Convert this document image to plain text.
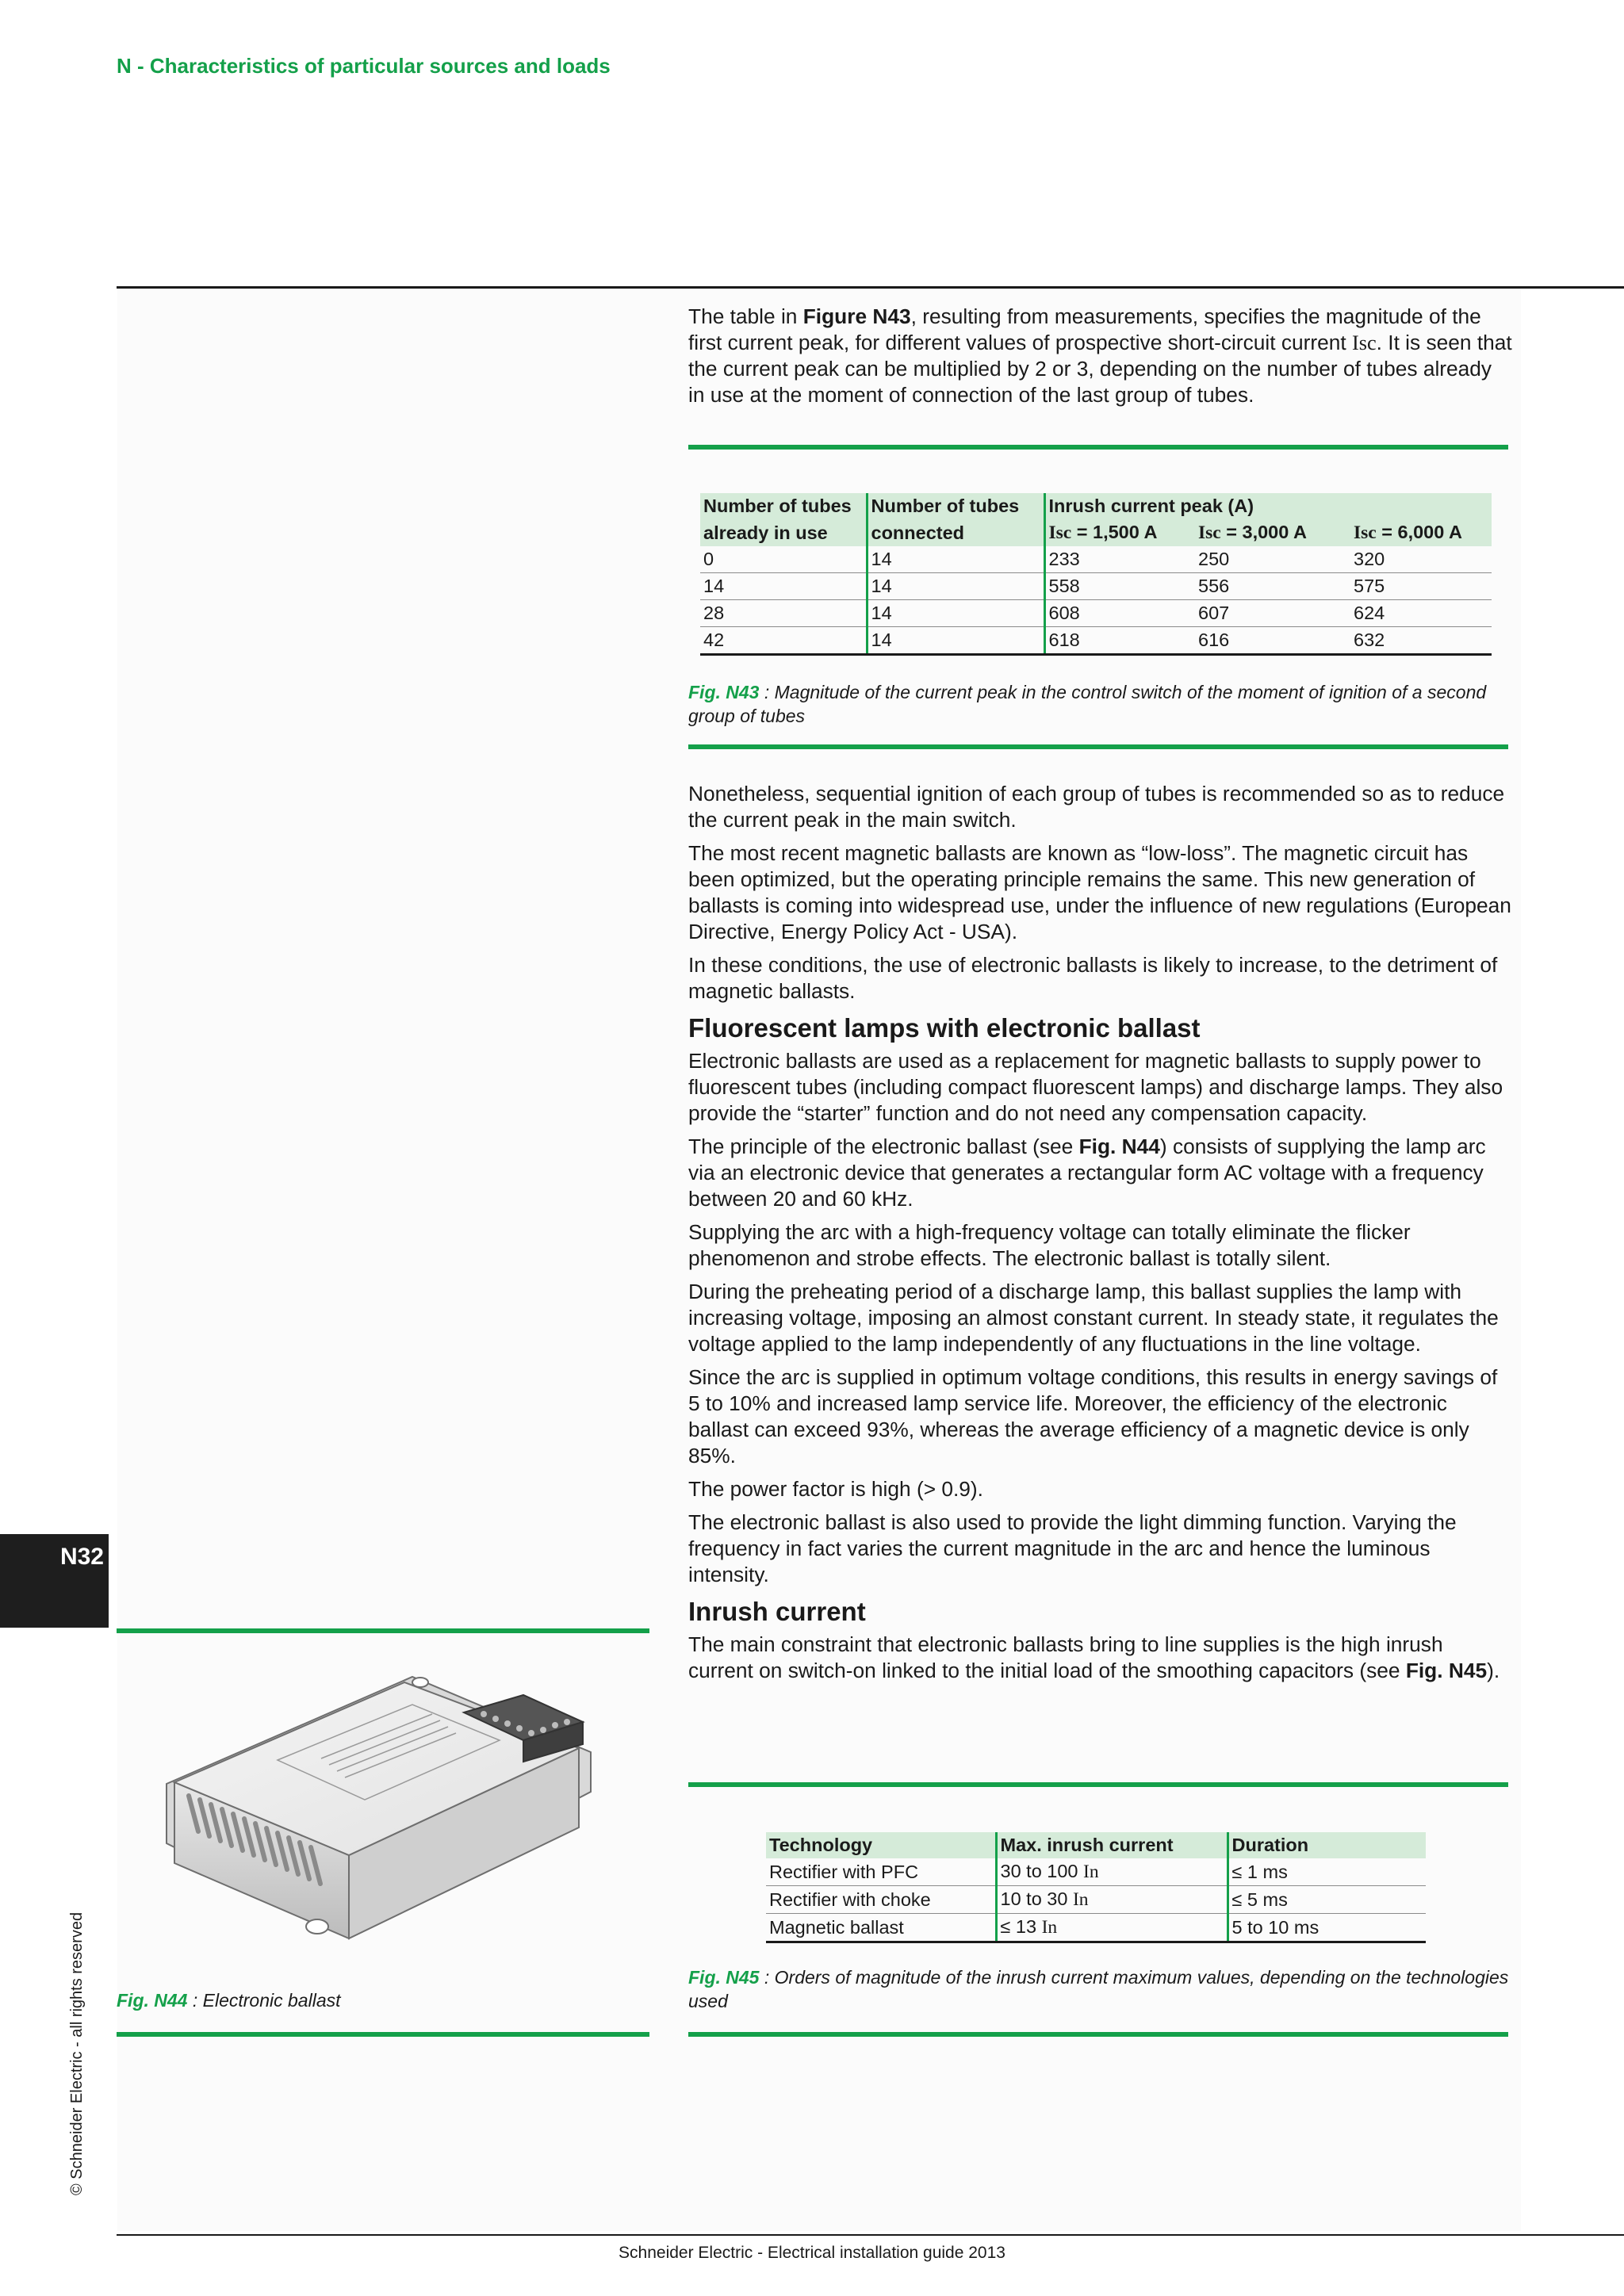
N - Characteristics of particular sources and loads

The table in Figure N43, resulting from measurements, specifies the magnitude of the first current peak, for different values of prospective short-circuit current Isc. It is seen that the current peak can be multiplied by 2 or 3, depending on the number of tubes already in use at the moment of connection of the last group of tubes.

Number of tubes	Number of tubes	Inrush current peak (A)		
already in use	connected	Isc = 1,500 A	Isc = 3,000 A	Isc = 6,000 A
0	14	233	250	320
14	14	558	556	575
28	14	608	607	624
42	14	618	616	632
Fig. N43 : Magnitude of the current peak in the control switch of the moment of ignition of a second group of tubes

Nonetheless, sequential ignition of each group of tubes is recommended so as to reduce the current peak in the main switch.

The most recent magnetic ballasts are known as “low-loss”. The magnetic circuit has been optimized, but the operating principle remains the same. This new generation of ballasts is coming into widespread use, under the influence of new regulations (European Directive, Energy Policy Act - USA).

In these conditions, the use of electronic ballasts is likely to increase, to the detriment of magnetic ballasts.

Fluorescent lamps with electronic ballast

Electronic ballasts are used as a replacement for magnetic ballasts to supply power to fluorescent tubes (including compact fluorescent lamps) and discharge lamps. They also provide the “starter” function and do not need any compensation capacity.

The principle of the electronic ballast (see Fig. N44) consists of supplying the lamp arc via an electronic device that generates a rectangular form AC voltage with a frequency between 20 and 60 kHz.

Supplying the arc with a high-frequency voltage can totally eliminate the flicker phenomenon and strobe effects. The electronic ballast is totally silent.

During the preheating period of a discharge lamp, this ballast supplies the lamp with increasing voltage, imposing an almost constant current. In steady state, it regulates the voltage applied to the lamp independently of any fluctuations in the line voltage.

Since the arc is supplied in optimum voltage conditions, this results in energy savings of 5 to 10% and increased lamp service life. Moreover, the efficiency of the electronic ballast can exceed 93%, whereas the average efficiency of a magnetic device is only 85%.

The power factor is high (> 0.9).

The electronic ballast is also used to provide the light dimming function. Varying the frequency in fact varies the current magnitude in the arc and hence the luminous intensity.

Inrush current

The main constraint that electronic ballasts bring to line supplies is the high inrush current on switch-on linked to the initial load of the smoothing capacitors (see Fig. N45).

Fig. N44 : Electronic ballast
Technology	Max. inrush current	Duration
Rectifier with PFC	30 to 100 In	≤ 1 ms
Rectifier with choke	10 to 30 In	≤ 5 ms
Magnetic ballast	≤ 13 In	5 to 10 ms
Fig. N45 : Orders of magnitude of the inrush current maximum values, depending on the technologies used
N32
© Schneider Electric - all rights reserved
Schneider Electric - Electrical installation guide 2013
